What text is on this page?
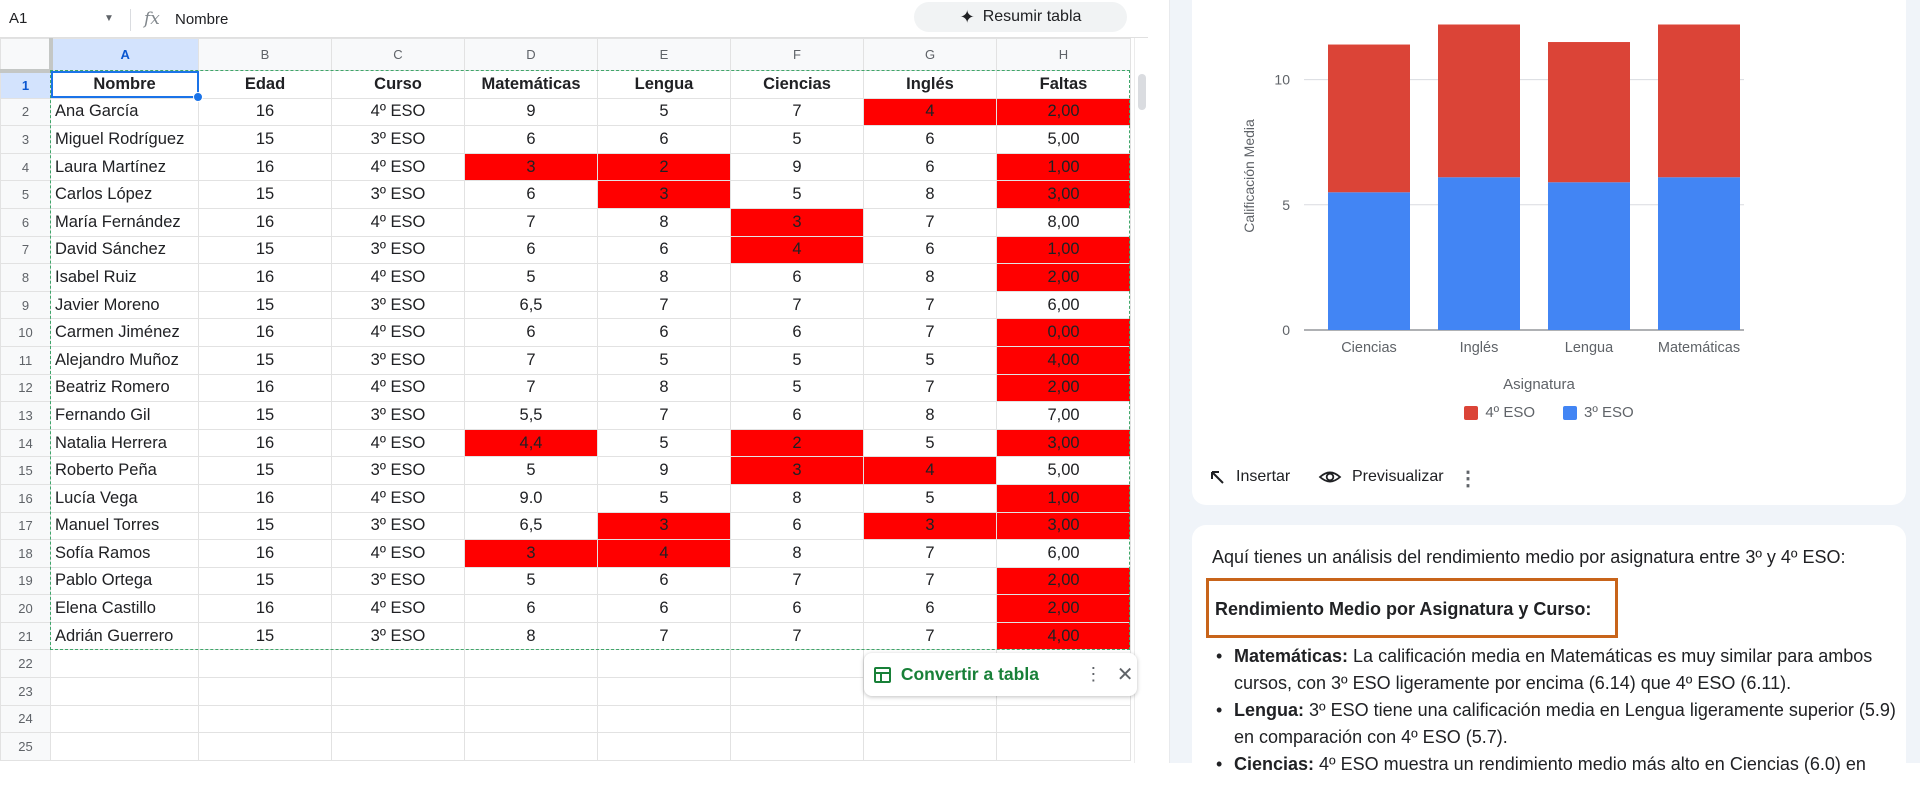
A1	▼ fx Nombre	✦ Resumir tabla
	A	B	C	D	E	F	G	H
1	Nombre	Edad	Curso	Matemáticas	Lengua	Ciencias	Inglés	Faltas
2	Ana García	16	4º ESO	9	5	7	4	2,00
3	Miguel Rodríguez	15	3º ESO	6	6	5	6	5,00
4	Laura Martínez	16	4º ESO	3	2	9	6	1,00
5	Carlos López	15	3º ESO	6	3	5	8	3,00
6	María Fernández	16	4º ESO	7	8	3	7	8,00
7	David Sánchez	15	3º ESO	6	6	4	6	1,00
8	Isabel Ruiz	16	4º ESO	5	8	6	8	2,00
9	Javier Moreno	15	3º ESO	6,5	7	7	7	6,00
10	Carmen Jiménez	16	4º ESO	6	6	6	7	0,00
11	Alejandro Muñoz	15	3º ESO	7	5	5	5	4,00
12	Beatriz Romero	16	4º ESO	7	8	5	7	2,00
13	Fernando Gil	15	3º ESO	5,5	7	6	8	7,00
14	Natalia Herrera	16	4º ESO	4,4	5	2	5	3,00
15	Roberto Peña	15	3º ESO	5	9	3	4	5,00
16	Lucía Vega	16	4º ESO	9.0	5	8	5	1,00
17	Manuel Torres	15	3º ESO	6,5	3	6	3	3,00
18	Sofía Ramos	16	4º ESO	3	4	8	7	6,00
19	Pablo Ortega	15	3º ESO	5	6	7	7	2,00
20	Elena Castillo	16	4º ESO	6	6	6	6	2,00
21	Adrián Guerrero	15	3º ESO	8	7	7	7	4,00
22								
23								
24								
25								
Convertir a tabla	⋮ ✕
0
5
10
Calificación Media
Asignatura
Ciencias	Inglés	Lengua	Matemáticas
4º ESO	3º ESO
Insertar	Previsualizar ⋮
Aquí tienes un análisis del rendimiento medio por asignatura entre 3º y 4º ESO:
Rendimiento Medio por Asignatura y Curso:
• Matemáticas: La calificación media en Matemáticas es muy similar para ambos cursos, con 3º ESO ligeramente por encima (6.14) que 4º ESO (6.11).
• Lengua: 3º ESO tiene una calificación media en Lengua ligeramente superior (5.9) en comparación con 4º ESO (5.7).
• Ciencias: 4º ESO muestra un rendimiento medio más alto en Ciencias (6.0) en
